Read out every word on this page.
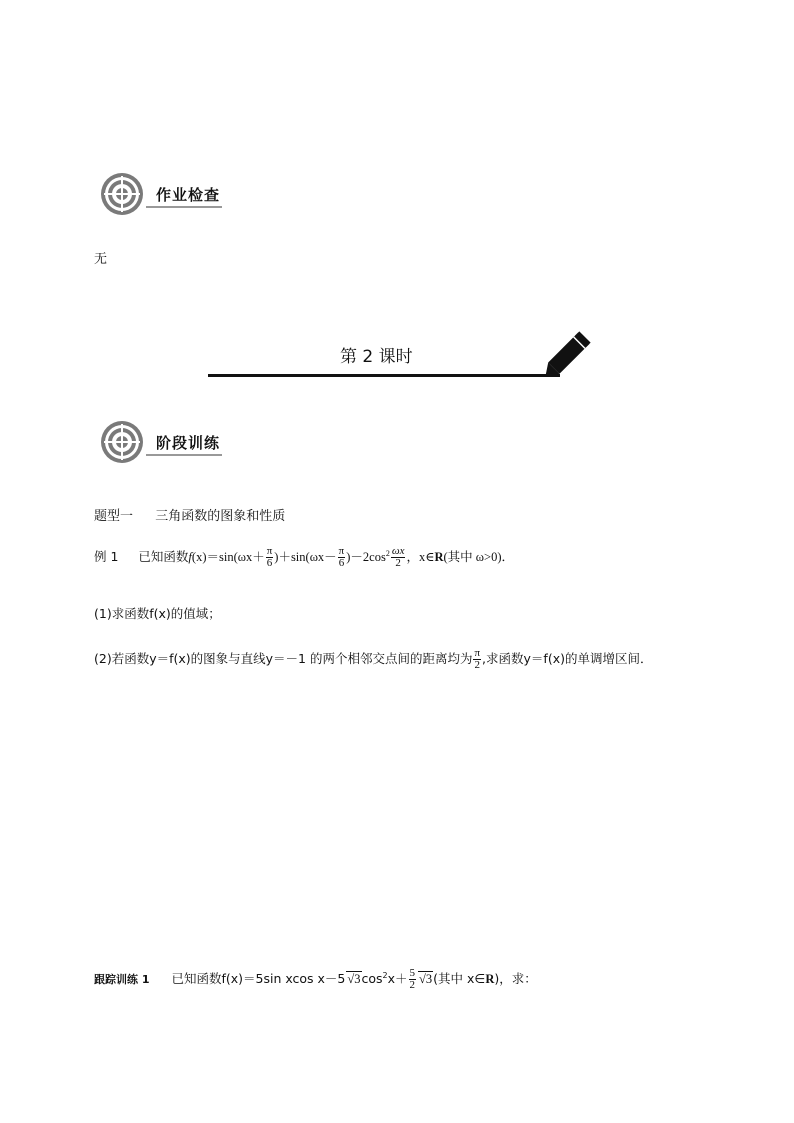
作业检查
无
第 2 课时
阶段训练
题型一 三角函数的图象和性质
例 1 已知函数$f(x)=\sin(\omega x+ \frac{\pi}{6} )+\sin(\omega x- \frac{\pi}{6} )-2\cos^2 \frac{\omega x}{2}$ ，x∈R(其中 ω>0)．
(1)求函数f(x)的值域；
(2)若函数y＝f(x)的图象与直线y＝－1 的两个相邻交点间的距离均为 $\frac{\pi}{2}$ ,求函数y＝f(x)的单调增区间．
跟踪训练 1 已知函数f(x)＝5sin xcos x－5 $√3\cos^2x+ \frac{5}{2} √3$(其中 x∈R)，求：
